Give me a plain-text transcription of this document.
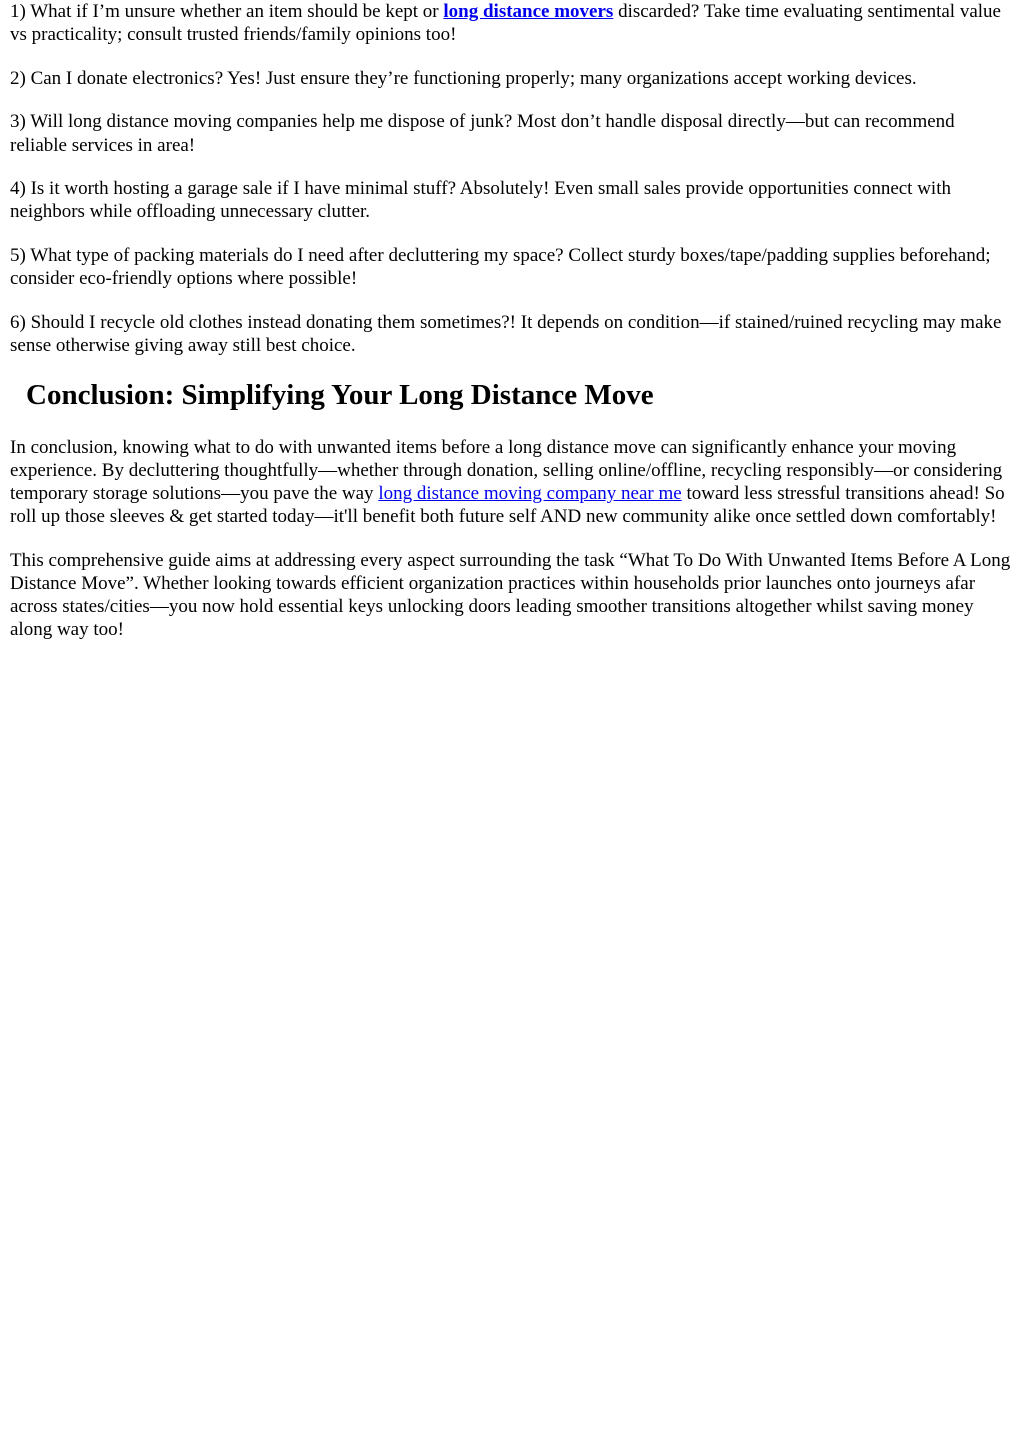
1) What if I’m unsure whether an item should be kept or long distance movers discarded? Take time evaluating sentimental value vs practicality; consult trusted friends/family opinions too!

2) Can I donate electronics? Yes! Just ensure they’re functioning properly; many organizations accept working devices.

3) Will long distance moving companies help me dispose of junk? Most don’t handle disposal directly—but can recommend reliable services in area!

4) Is it worth hosting a garage sale if I have minimal stuff? Absolutely! Even small sales provide opportunities connect with neighbors while offloading unnecessary clutter.

5) What type of packing materials do I need after decluttering my space? Collect sturdy boxes/tape/padding supplies beforehand; consider eco-friendly options where possible!

6) Should I recycle old clothes instead donating them sometimes?! It depends on condition—if stained/ruined recycling may make sense otherwise giving away still best choice.

Conclusion: Simplifying Your Long Distance Move

In conclusion, knowing what to do with unwanted items before a long distance move can significantly enhance your moving experience. By decluttering thoughtfully—whether through donation, selling online/offline, recycling responsibly—or considering temporary storage solutions—you pave the way long distance moving company near me toward less stressful transitions ahead! So roll up those sleeves & get started today—it'll benefit both future self AND new community alike once settled down comfortably!

This comprehensive guide aims at addressing every aspect surrounding the task “What To Do With Unwanted Items Before A Long Distance Move”. Whether looking towards efficient organization practices within households prior launches onto journeys afar across states/cities—you now hold essential keys unlocking doors leading smoother transitions altogether whilst saving money along way too!
